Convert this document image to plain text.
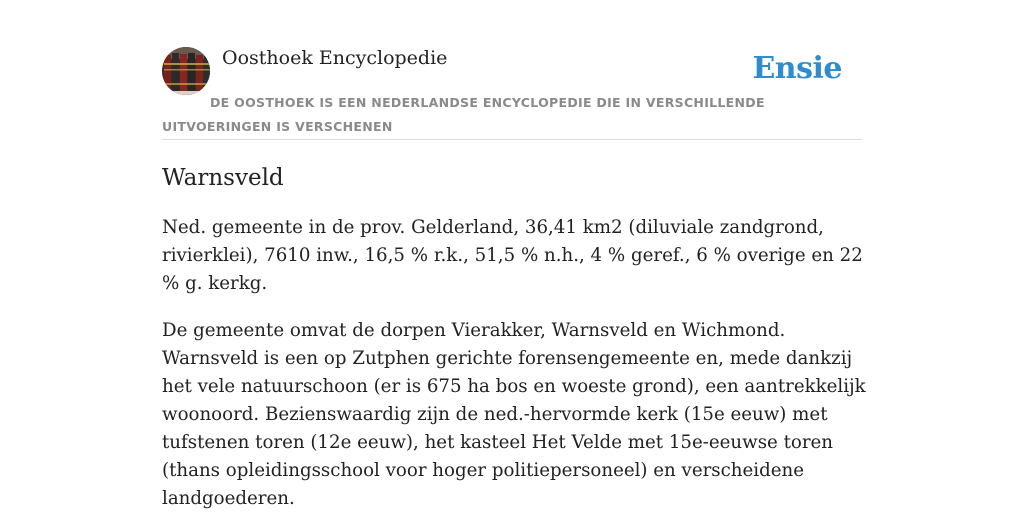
Oosthoek Encyclopedie	Ensie

DE OOSTHOEK IS EEN NEDERLANDSE ENCYCLOPEDIE DIE IN VERSCHILLENDE UITVOERINGEN IS VERSCHENEN

Warnsveld

Ned. gemeente in de prov. Gelderland, 36,41 km2 (diluviale zandgrond, rivierklei), 7610 inw., 16,5 % r.k., 51,5 % n.h., 4 % geref., 6 % overige en 22 % g. kerkg.

De gemeente omvat de dorpen Vierakker, Warnsveld en Wichmond. Warnsveld is een op Zutphen gerichte forensengemeente en, mede dankzij het vele natuurschoon (er is 675 ha bos en woeste grond), een aantrekkelijk woonoord. Bezienswaardig zijn de ned.-hervormde kerk (15e eeuw) met tufstenen toren (12e eeuw), het kasteel Het Velde met 15e-eeuwse toren (thans opleidingsschool voor hoger politiepersoneel) en verscheidene landgoederen.
